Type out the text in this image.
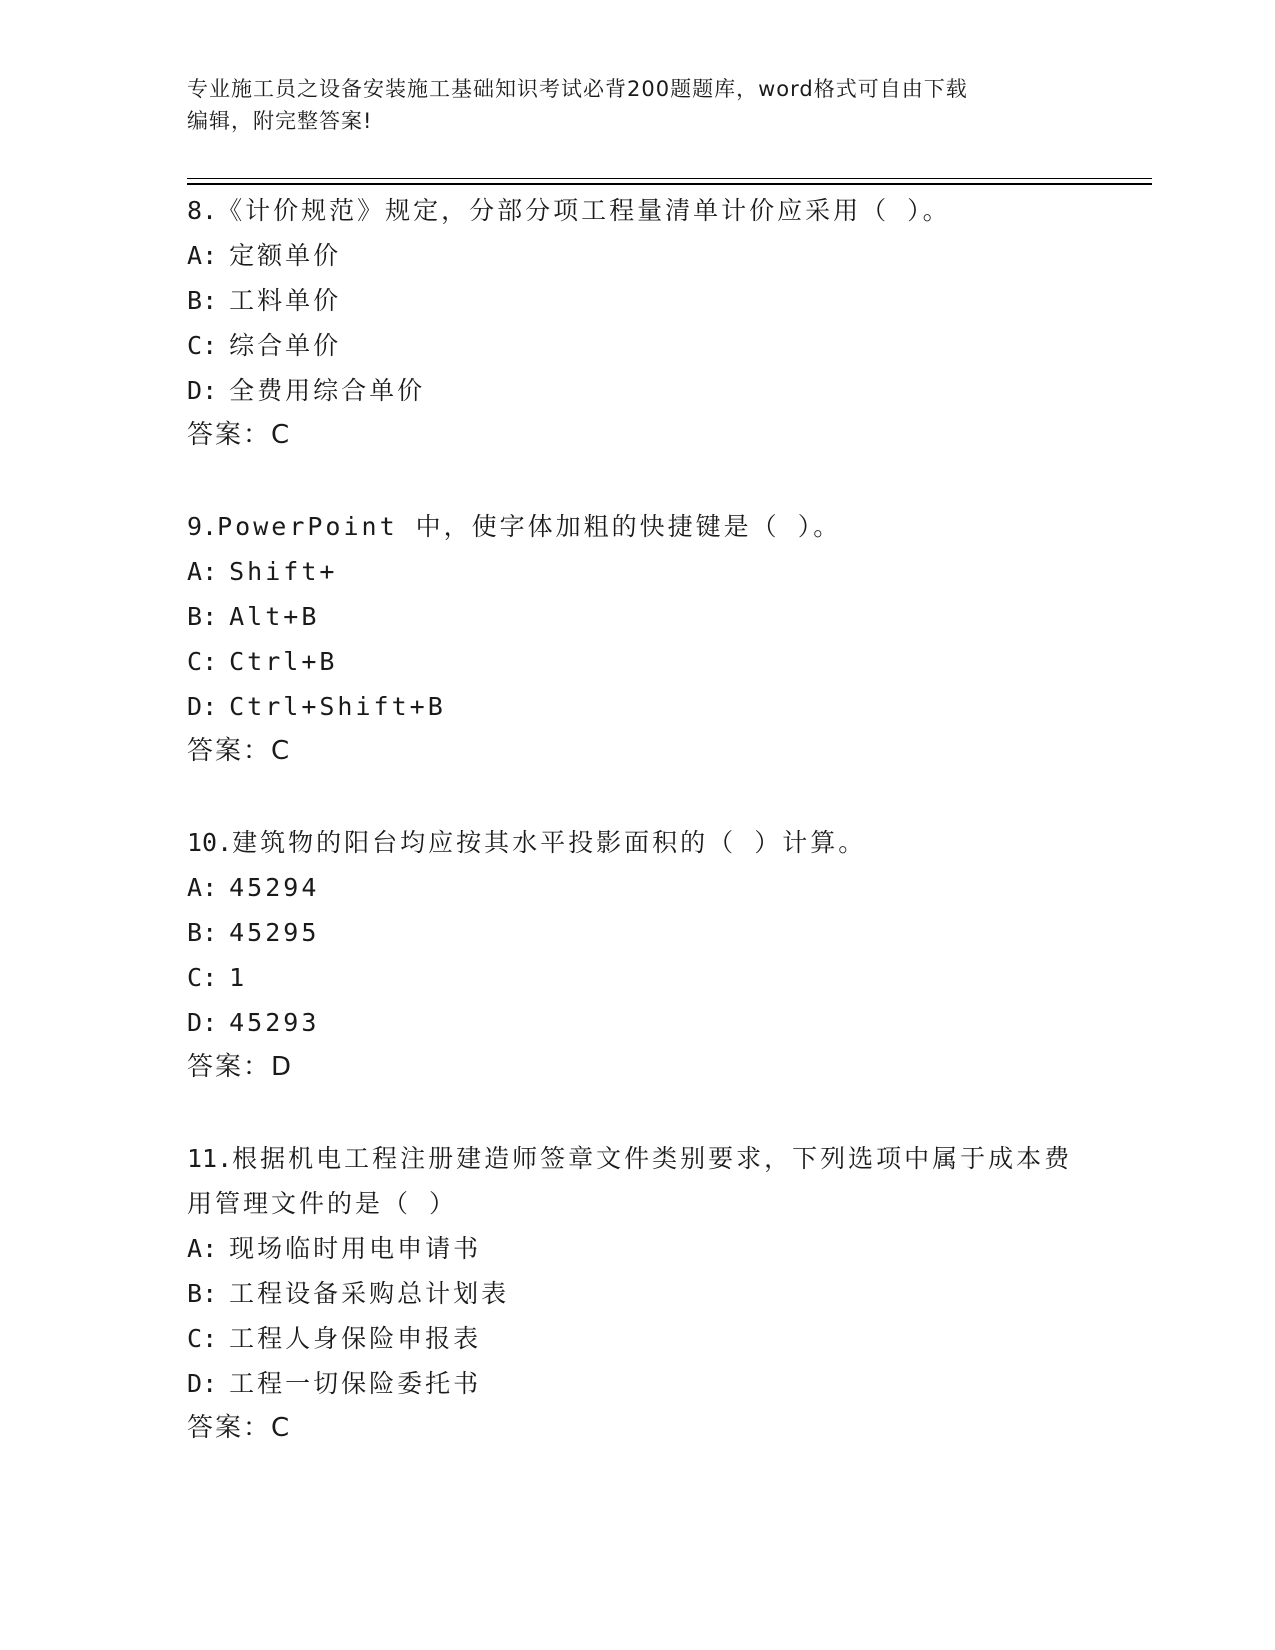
专业施工员之设备安装施工基础知识考试必背200题题库，word格式可自由下载
编辑，附完整答案!
8.《计价规范》规定，分部分项工程量清单计价应采用（ ）。
A : 定额单价
B : 工料单价
C : 综合单价
D : 全费用综合单价
答案：C
9.PowerPoint 中，使字体加粗的快捷键是（ ）。
A : Shift+
B : Alt+B
C : Ctrl+B
D : Ctrl+Shift+B
答案：C
10.建筑物的阳台均应按其水平投影面积的（ ）计算。
A : 45294
B : 45295
C : 1
D : 45293
答案：D
11.根据机电工程注册建造师签章文件类别要求，下列选项中属于成本费用管理文件的是（ ）
A : 现场临时用电申请书
B : 工程设备采购总计划表
C : 工程人身保险申报表
D : 工程一切保险委托书
答案：C
